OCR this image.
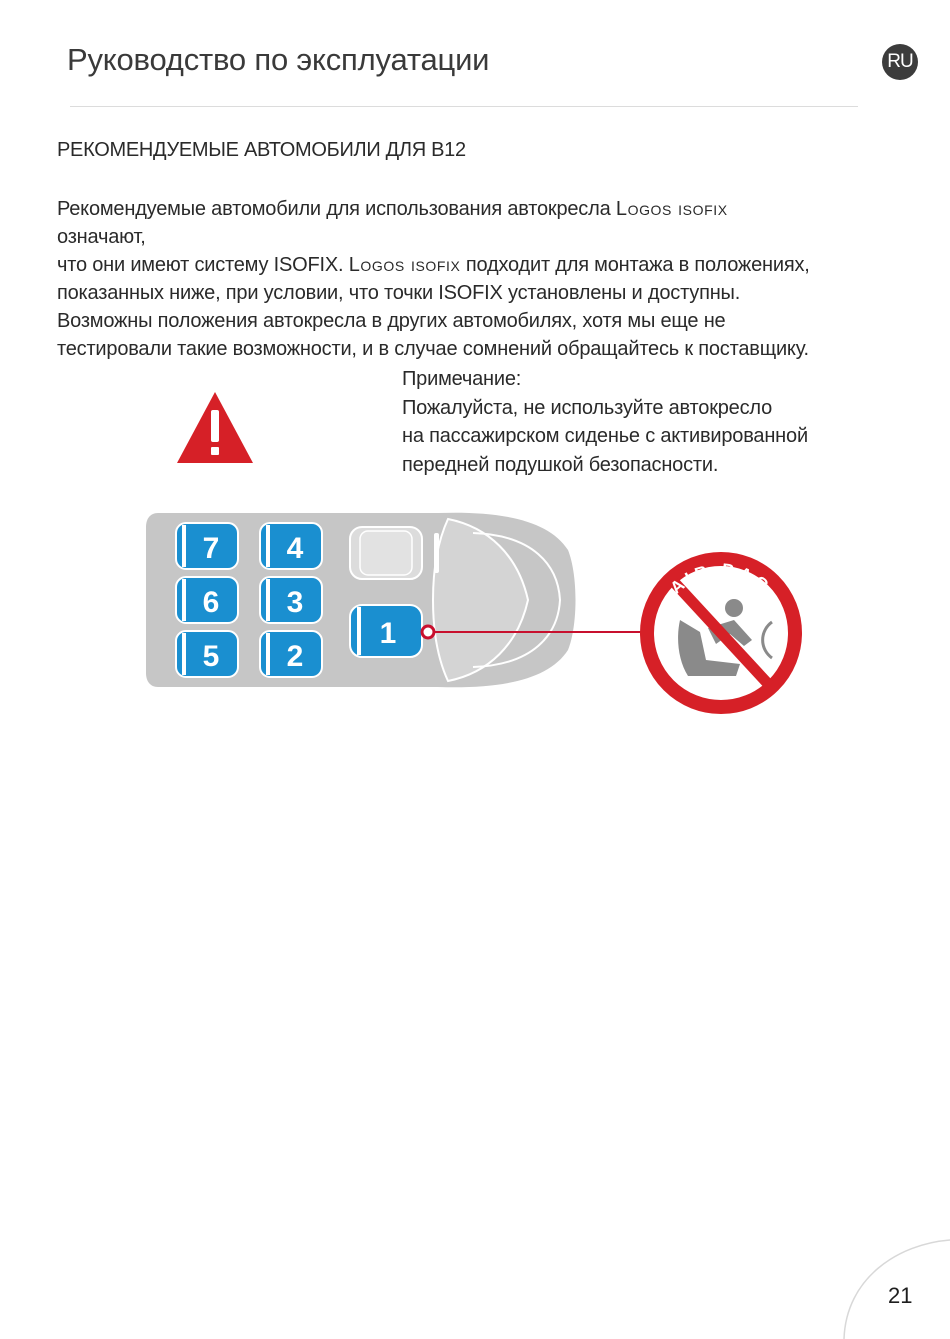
Руководство по эксплуатации	RU
РЕКОМЕНДУЕМЫЕ АВТОМОБИЛИ ДЛЯ B12
Рекомендуемые автомобили для использования автокресла Logos isofix
означают,
что они имеют систему ISOFIX. Logos isofix подходит для монтажа в положениях,
показанных ниже, при условии, что точки ISOFIX установлены и доступны.
Возможны положения автокресла в других автомобилях, хотя мы еще не
тестировали такие возможности, и в случае сомнений обращайтесь к поставщику.
Примечание:
Пожалуйста, не используйте автокресло
на пассажирском сиденье с активированной
передней подушкой безопасности.
7 4
6 3
5 2
1
AIR BAG
21
